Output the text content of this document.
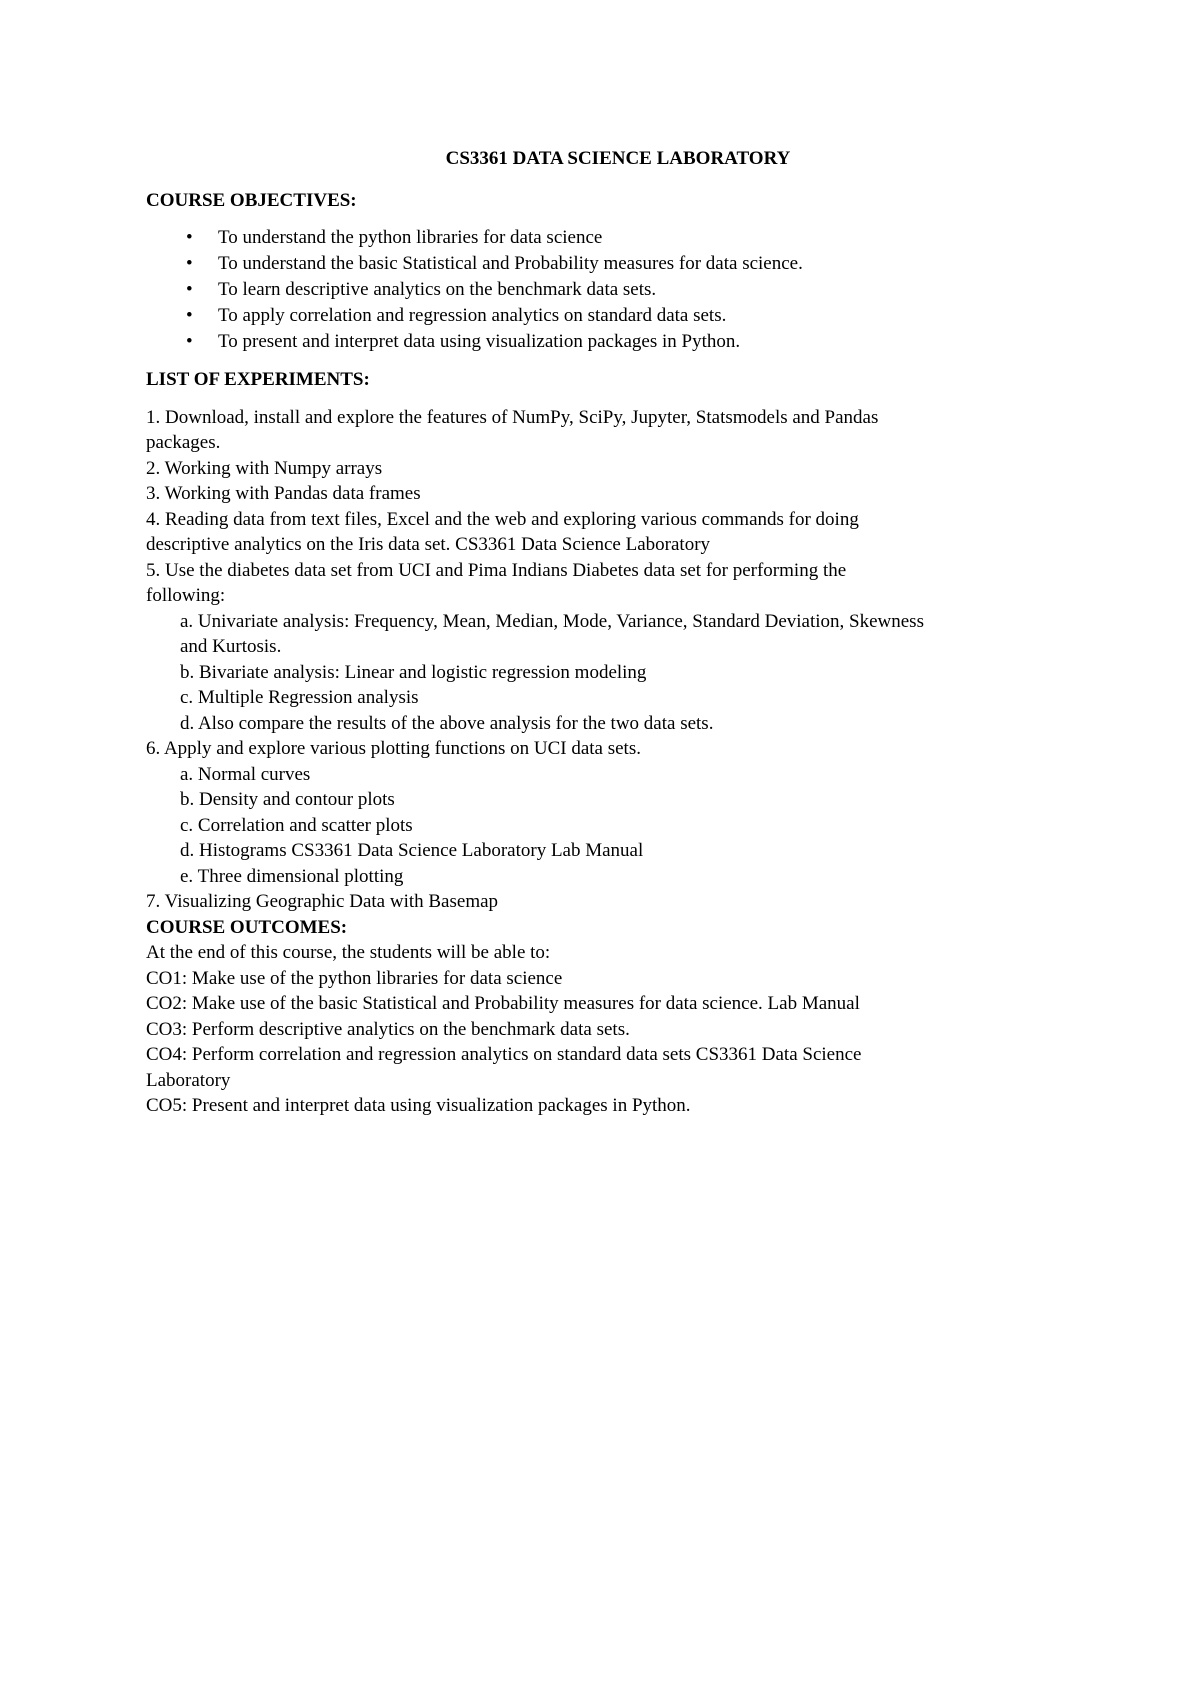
CS3361 DATA SCIENCE LABORATORY
COURSE OBJECTIVES:
• To understand the python libraries for data science
• To understand the basic Statistical and Probability measures for data science.
• To learn descriptive analytics on the benchmark data sets.
• To apply correlation and regression analytics on standard data sets.
• To present and interpret data using visualization packages in Python.
LIST OF EXPERIMENTS:
1. Download, install and explore the features of NumPy, SciPy, Jupyter, Statsmodels and Pandas
packages.
2. Working with Numpy arrays
3. Working with Pandas data frames
4. Reading data from text files, Excel and the web and exploring various commands for doing
descriptive analytics on the Iris data set. CS3361 Data Science Laboratory
5. Use the diabetes data set from UCI and Pima Indians Diabetes data set for performing the
following:
a. Univariate analysis: Frequency, Mean, Median, Mode, Variance, Standard Deviation, Skewness
and Kurtosis.
b. Bivariate analysis: Linear and logistic regression modeling
c. Multiple Regression analysis
d. Also compare the results of the above analysis for the two data sets.
6. Apply and explore various plotting functions on UCI data sets.
a. Normal curves
b. Density and contour plots
c. Correlation and scatter plots
d. Histograms CS3361 Data Science Laboratory Lab Manual
e. Three dimensional plotting
7. Visualizing Geographic Data with Basemap
COURSE OUTCOMES:
At the end of this course, the students will be able to:
CO1: Make use of the python libraries for data science
CO2: Make use of the basic Statistical and Probability measures for data science. Lab Manual
CO3: Perform descriptive analytics on the benchmark data sets.
CO4: Perform correlation and regression analytics on standard data sets CS3361 Data Science
Laboratory
CO5: Present and interpret data using visualization packages in Python.
